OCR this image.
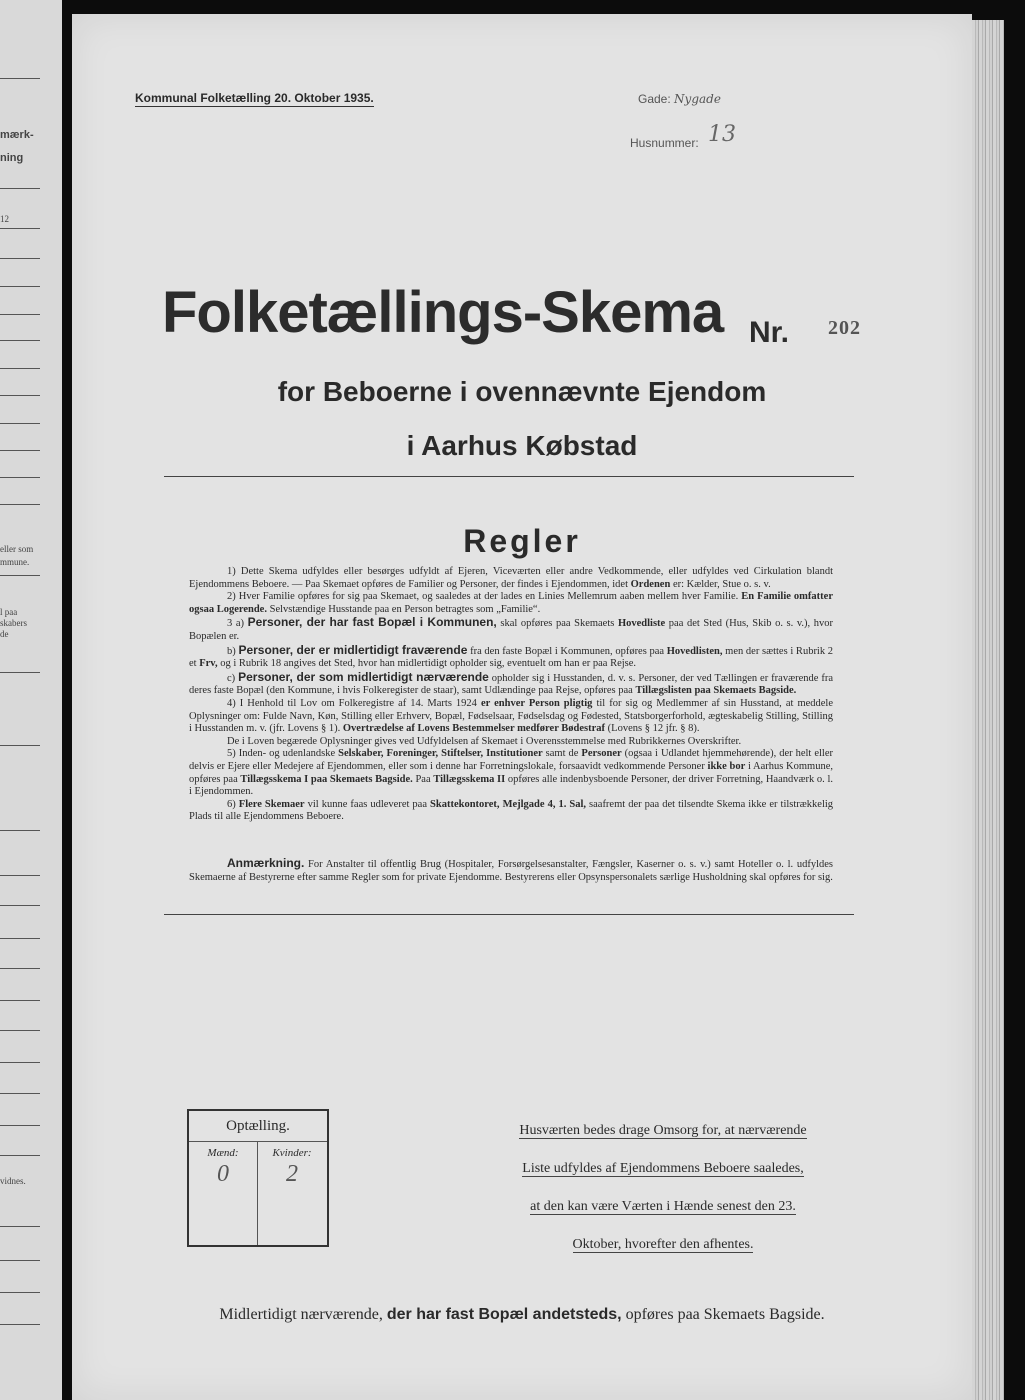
mærk-
ning
12
eller som
mmune.
l paa
skabers
de
vidnes.
Kommunal Folketælling 20. Oktober 1935.	Gade: Nygade
Husnummer: 13
Folketællings-Skema Nr. 202
for Beboerne i ovennævnte Ejendom
i Aarhus Købstad
Regler

1) Dette Skema udfyldes eller besørges udfyldt af Ejeren, Viceværten eller andre Vedkommende, eller udfyldes ved Cirkulation blandt Ejendommens Beboere. — Paa Skemaet opføres de Familier og Personer, der findes i Ejendommen, idet Ordenen er: Kælder, Stue o. s. v.

2) Hver Familie opføres for sig paa Skemaet, og saaledes at der lades en Linies Mellemrum aaben mellem hver Familie. En Familie omfatter ogsaa Logerende. Selvstændige Husstande paa en Person betragtes som „Familie“.

3 a) Personer, der har fast Bopæl i Kommunen, skal opføres paa Skemaets Hovedliste paa det Sted (Hus, Skib o. s. v.), hvor Bopælen er.

b) Personer, der er midlertidigt fraværende fra den faste Bopæl i Kommunen, opføres paa Hovedlisten, men der sættes i Rubrik 2 et Frv, og i Rubrik 18 angives det Sted, hvor han midlertidigt opholder sig, eventuelt om han er paa Rejse.

c) Personer, der som midlertidigt nærværende opholder sig i Husstanden, d. v. s. Personer, der ved Tællingen er fraværende fra deres faste Bopæl (den Kommune, i hvis Folkeregister de staar), samt Udlændinge paa Rejse, opføres paa Tillægslisten paa Skemaets Bagside.

4) I Henhold til Lov om Folkeregistre af 14. Marts 1924 er enhver Person pligtig til for sig og Medlemmer af sin Husstand, at meddele Oplysninger om: Fulde Navn, Køn, Stilling eller Erhverv, Bopæl, Fødselsaar, Fødselsdag og Fødested, Statsborgerforhold, ægteskabelig Stilling, Stilling i Husstanden m. v. (jfr. Lovens § 1). Overtrædelse af Lovens Bestemmelser medfører Bødestraf (Lovens § 12 jfr. § 8).

De i Loven begærede Oplysninger gives ved Udfyldelsen af Skemaet i Overensstemmelse med Rubrikkernes Overskrifter.

5) Inden- og udenlandske Selskaber, Foreninger, Stiftelser, Institutioner samt de Personer (ogsaa i Udlandet hjemmehørende), der helt eller delvis er Ejere eller Medejere af Ejendommen, eller som i denne har Forretningslokale, forsaavidt vedkommende Personer ikke bor i Aarhus Kommune, opføres paa Tillægsskema I paa Skemaets Bagside. Paa Tillægsskema II opføres alle indenbysboende Personer, der driver Forretning, Haandværk o. l. i Ejendommen.

6) Flere Skemaer vil kunne faas udleveret paa Skattekontoret, Mejlgade 4, 1. Sal, saafremt der paa det tilsendte Skema ikke er tilstrækkelig Plads til alle Ejendommens Beboere.

Anmærkning. For Anstalter til offentlig Brug (Hospitaler, Forsørgelsesanstalter, Fængsler, Kaserner o. s. v.) samt Hoteller o. l. udfyldes Skemaerne af Bestyrerne efter samme Regler som for private Ejendomme. Bestyrerens eller Opsynspersonalets særlige Husholdning skal opføres for sig.
Optælling.
Mænd:
0
Kvinder:
2
Husværten bedes drage Omsorg for, at nærværende
Liste udfyldes af Ejendommens Beboere saaledes,
at den kan være Værten i Hænde senest den 23.
Oktober, hvorefter den afhentes.
Midlertidigt nærværende, der har fast Bopæl andetsteds, opføres paa Skemaets Bagside.
